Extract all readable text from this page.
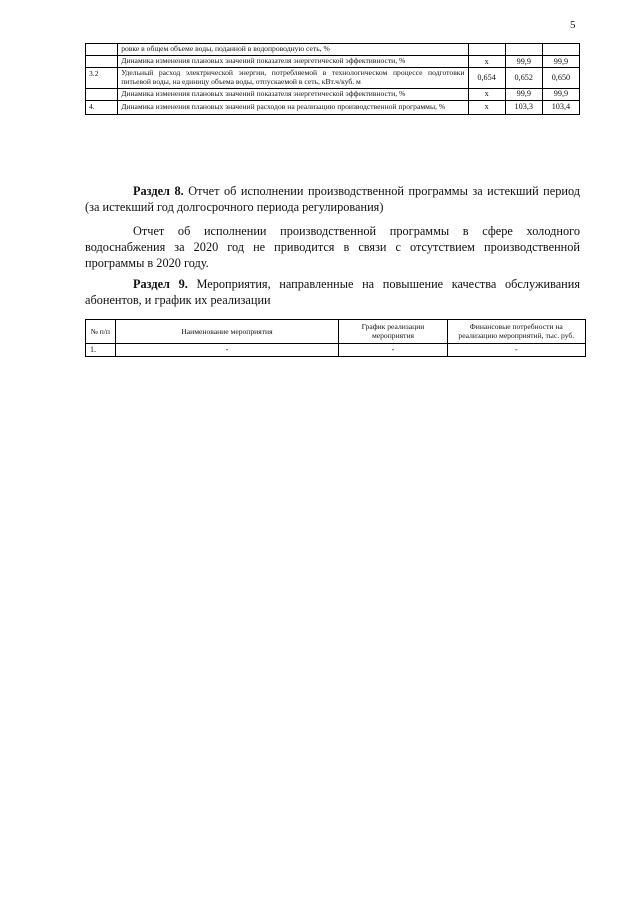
5
	ровке в общем объеме воды, поданной в водопроводную сеть, %			
	Динамика изменения плановых значений показателя энергетической эффективности, %	x	99,9	99,9
3.2	Удельный расход электрической энергии, потребляемой в технологическом процессе подготовки питьевой воды, на единицу объема воды, отпускаемой в сеть, кВт.ч/куб. м	0,654	0,652	0,650
	Динамика изменения плановых значений показателя энергетической эффективности, %	x	99,9	99,9
4.	Динамика изменения плановых значений расходов на реализацию производственной программы, %	x	103,3	103,4
Раздел 8. Отчет об исполнении производственной программы за истекший период (за истекший год долгосрочного периода регулирования)
Отчет об исполнении производственной программы в сфере холодного водоснабжения за 2020 год не приводится в связи с отсутствием производственной программы в 2020 году.
Раздел 9. Мероприятия, направленные на повышение качества обслуживания абонентов, и график их реализации
№ п/п	Наименование мероприятия	График реализации мероприятия	Финансовые потребности на реализацию мероприятий, тыс. руб.
1.	-	-	-
